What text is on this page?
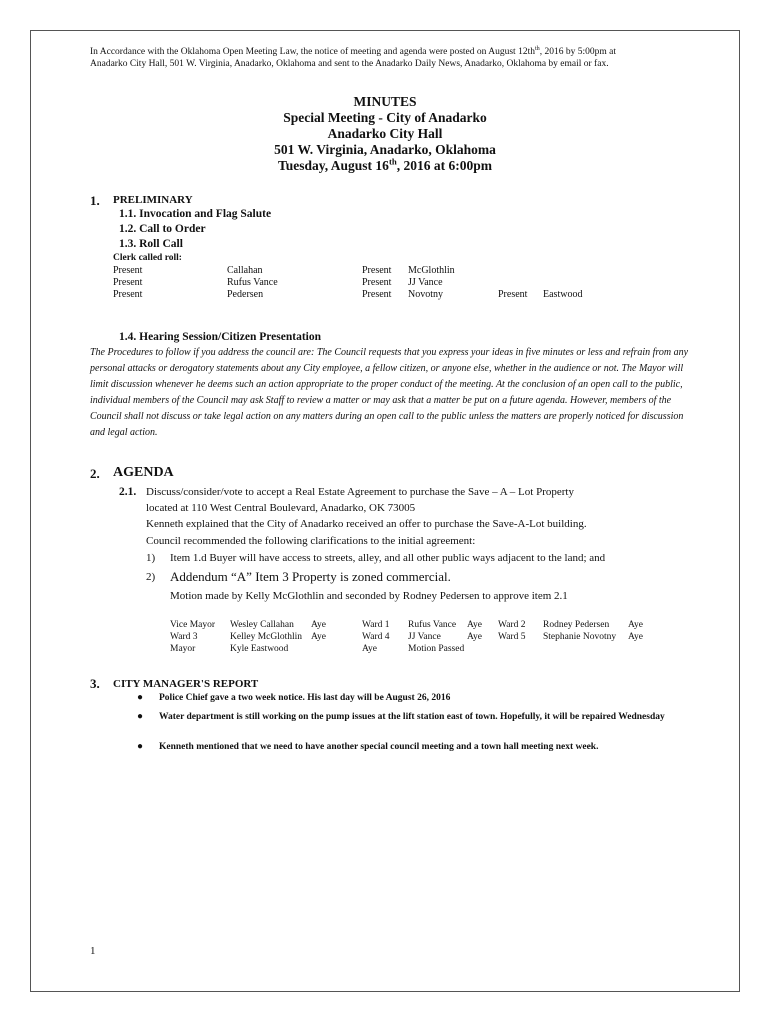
In Accordance with the Oklahoma Open Meeting Law, the notice of meeting and agenda were posted on August $12th^{th}$, 2016 by 5:00pm at
Anadarko City Hall, 501 W. Virginia, Anadarko, Oklahoma and sent to the Anadarko Daily News, Anadarko, Oklahoma by email or fax.
MINUTES
Special Meeting - City of Anadarko
Anadarko City Hall
501 W. Virginia, Anadarko, Oklahoma
Tuesday, August 16th, 2016 at 6:00pm
1. PRELIMINARY
1.1. Invocation and Flag Salute
1.2. Call to Order
1.3. Roll Call
Clerk called roll:
Present	Callahan	Present McGlothlin
Present	Rufus Vance	Present JJ Vance
Present	Pedersen	Present Novotny	Present Eastwood
1.4. Hearing Session/Citizen Presentation
The Procedures to follow if you address the council are: The Council requests that you express your ideas in five minutes or less and refrain from any personal attacks or derogatory statements about any City employee, a fellow citizen, or anyone else, whether in the audience or not. The Mayor will limit discussion whenever he deems such an action appropriate to the proper conduct of the meeting. At the conclusion of an open call to the public, individual members of the Council may ask Staff to review a matter or may ask that a matter be put on a future agenda. However, members of the Council shall not discuss or take legal action on any matters during an open call to the public unless the matters are properly noticed for discussion and legal action.
2. AGENDA
2.1. Discuss/consider/vote to accept a Real Estate Agreement to purchase the Save – A – Lot Property
located at 110 West Central Boulevard, Anadarko, OK 73005
Kenneth explained that the City of Anadarko received an offer to purchase the Save-A-Lot building.
Council recommended the following clarifications to the initial agreement:
1) Item 1.d Buyer will have access to streets, alley, and all other public ways adjacent to the land; and
2) Addendum “A” Item 3 Property is zoned commercial.
Motion made by Kelly McGlothlin and seconded by Rodney Pedersen to approve item 2.1
Vice Mayor Wesley Callahan Aye	Ward 1 Rufus Vance Aye Ward 2 Rodney Pedersen Aye
Ward 3	Kelley McGlothlin Aye	Ward 4 JJ Vance	Aye Ward 5 Stephanie Novotny Aye
Mayor	Kyle Eastwood	Aye	Motion Passed
3. CITY MANAGER'S REPORT
● Police Chief gave a two week notice. His last day will be August 26, 2016
● Water department is still working on the pump issues at the lift station east of town. Hopefully, it will be repaired Wednesday
● Kenneth mentioned that we need to have another special council meeting and a town hall meeting next week.
1
